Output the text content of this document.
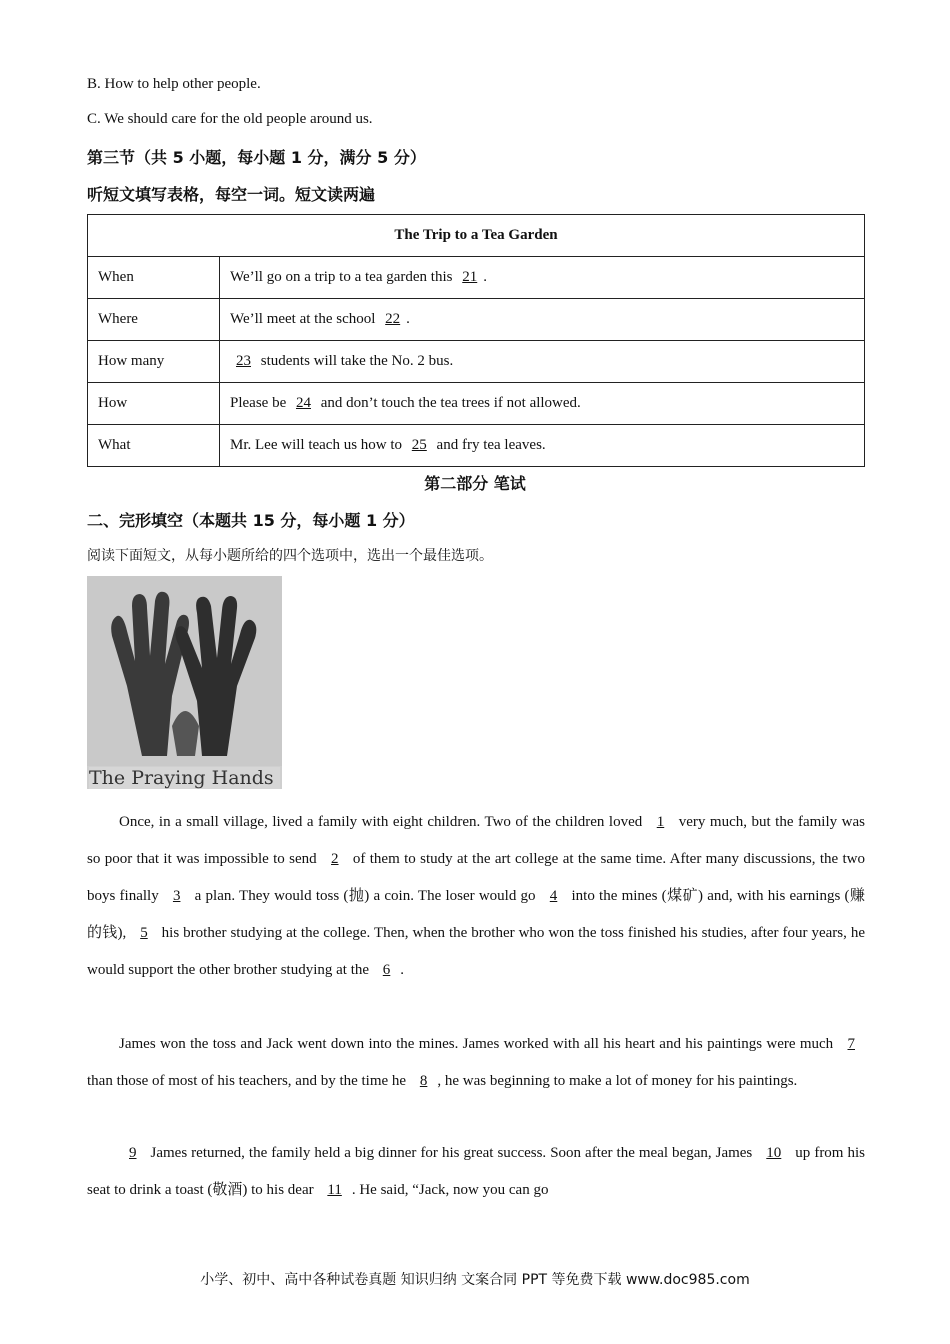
B. How to help other people.
C. We should care for the old people around us.
第三节（共 5 小题，每小题 1 分，满分 5 分）
听短文填写表格，每空一词。短文读两遍
The Trip to a Tea Garden	
When	We’ll go on a trip to a tea garden this 21 .
Where	We’ll meet at the school 22 .
How many	23 students will take the No. 2 bus.
How	Please be 24 and don’t touch the tea trees if not allowed.
What	Mr. Lee will teach us how to 25 and fry tea leaves.
第二部分 笔试
二、完形填空（本题共 15 分，每小题 1 分）
阅读下面短文，从每小题所给的四个选项中，选出一个最佳选项。
The Praying Hands

Once, in a small village, lived a family with eight children. Two of the children loved 1 very much, but the family was so poor that it was impossible to send 2 of them to study at the art college at the same time. After many discussions, the two boys finally 3 a plan. They would toss (抛) a coin. The loser would go 4 into the mines (煤矿) and, with his earnings (赚的钱), 5 his brother studying at the college. Then, when the brother who won the toss finished his studies, after four years, he would support the other brother studying at the 6 .

James won the toss and Jack went down into the mines. James worked with all his heart and his paintings were much 7 than those of most of his teachers, and by the time he 8 , he was beginning to make a lot of money for his paintings.

9 James returned, the family held a big dinner for his great success. Soon after the meal began, James 10 up from his seat to drink a toast (敬酒) to his dear 11 . He said, “Jack, now you can go

小学、初中、高中各种试卷真题 知识归纳 文案合同 PPT 等免费下载 www.doc985.com
